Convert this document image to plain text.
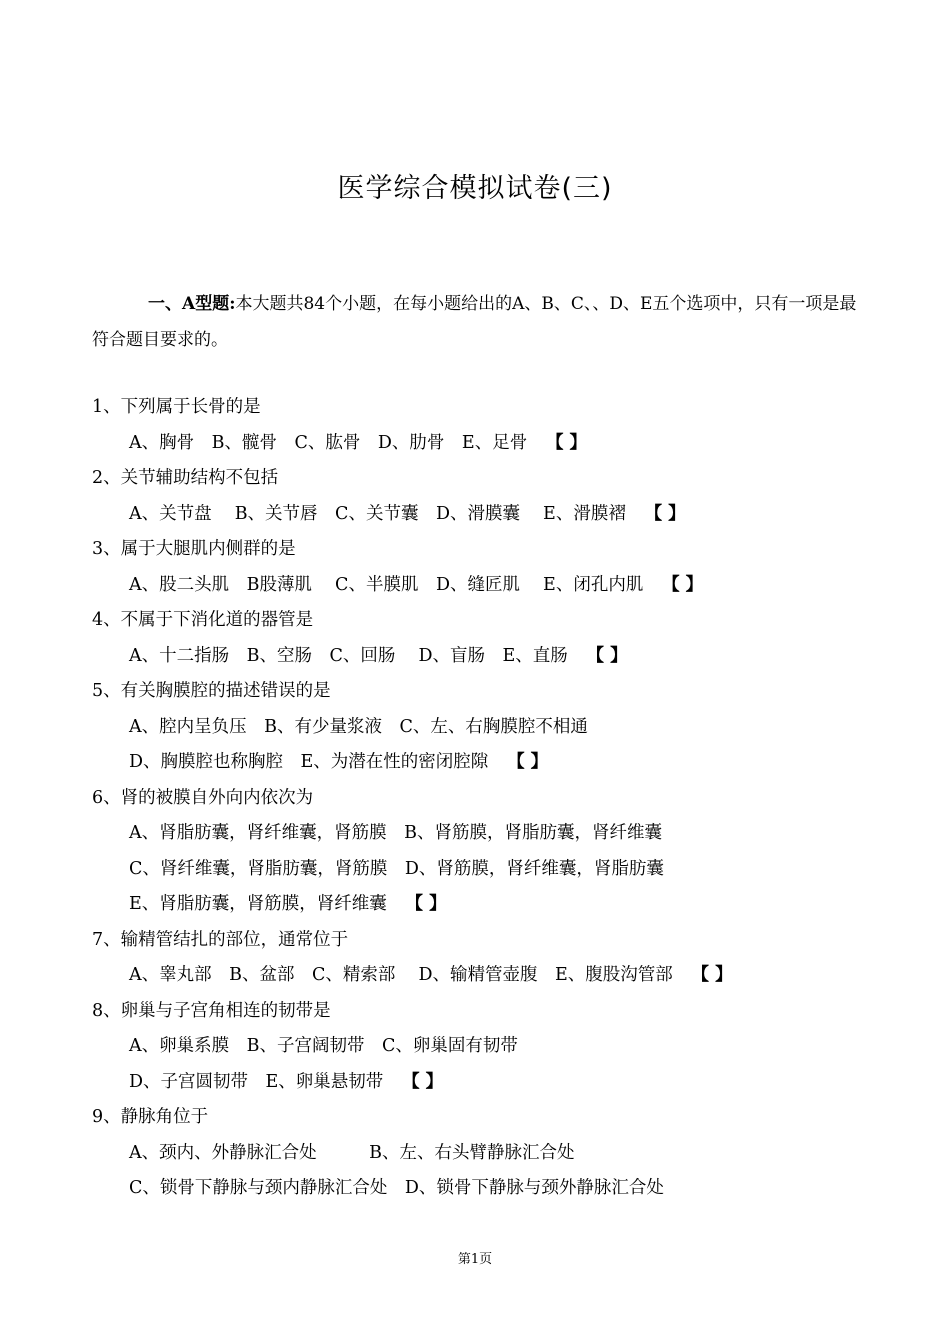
医学综合模拟试卷(三)
一、A型题:本大题共84个小题，在每小题给出的A、B、C、、D、E五个选项中，只有一项是最符合题目要求的。
1、下列属于长骨的是
A、胸骨　B、髋骨　C、肱骨　D、肋骨　E、足骨　【 】
2、关节辅助结构不包括
A、关节盘　 B、关节唇　C、关节囊　D、滑膜囊　 E、滑膜褶　【 】
3、属于大腿肌内侧群的是
A、股二头肌　B股薄肌　 C、半膜肌　D、缝匠肌　 E、闭孔内肌　【 】
4、不属于下消化道的器管是
A、十二指肠　B、空肠　C、回肠　 D、盲肠　E、直肠　【 】
5、有关胸膜腔的描述错误的是
A、腔内呈负压　B、有少量浆液　C、左、右胸膜腔不相通
D、胸膜腔也称胸腔　E、为潜在性的密闭腔隙　【 】
6、肾的被膜自外向内依次为
A、肾脂肪囊，肾纤维囊，肾筋膜　B、肾筋膜，肾脂肪囊，肾纤维囊
C、肾纤维囊，肾脂肪囊，肾筋膜　D、肾筋膜，肾纤维囊，肾脂肪囊
E、肾脂肪囊，肾筋膜，肾纤维囊　【 】
7、输精管结扎的部位，通常位于
A、睾丸部　B、盆部　C、精索部　 D、输精管壶腹　E、腹股沟管部　【 】
8、卵巢与子宫角相连的韧带是
A、卵巢系膜　B、子宫阔韧带　C、卵巢固有韧带
D、子宫圆韧带　E、卵巢悬韧带　【 】
9、静脉角位于
A、颈内、外静脉汇合处　　　B、左、右头臂静脉汇合处
C、锁骨下静脉与颈内静脉汇合处　D、锁骨下静脉与颈外静脉汇合处
第1页
